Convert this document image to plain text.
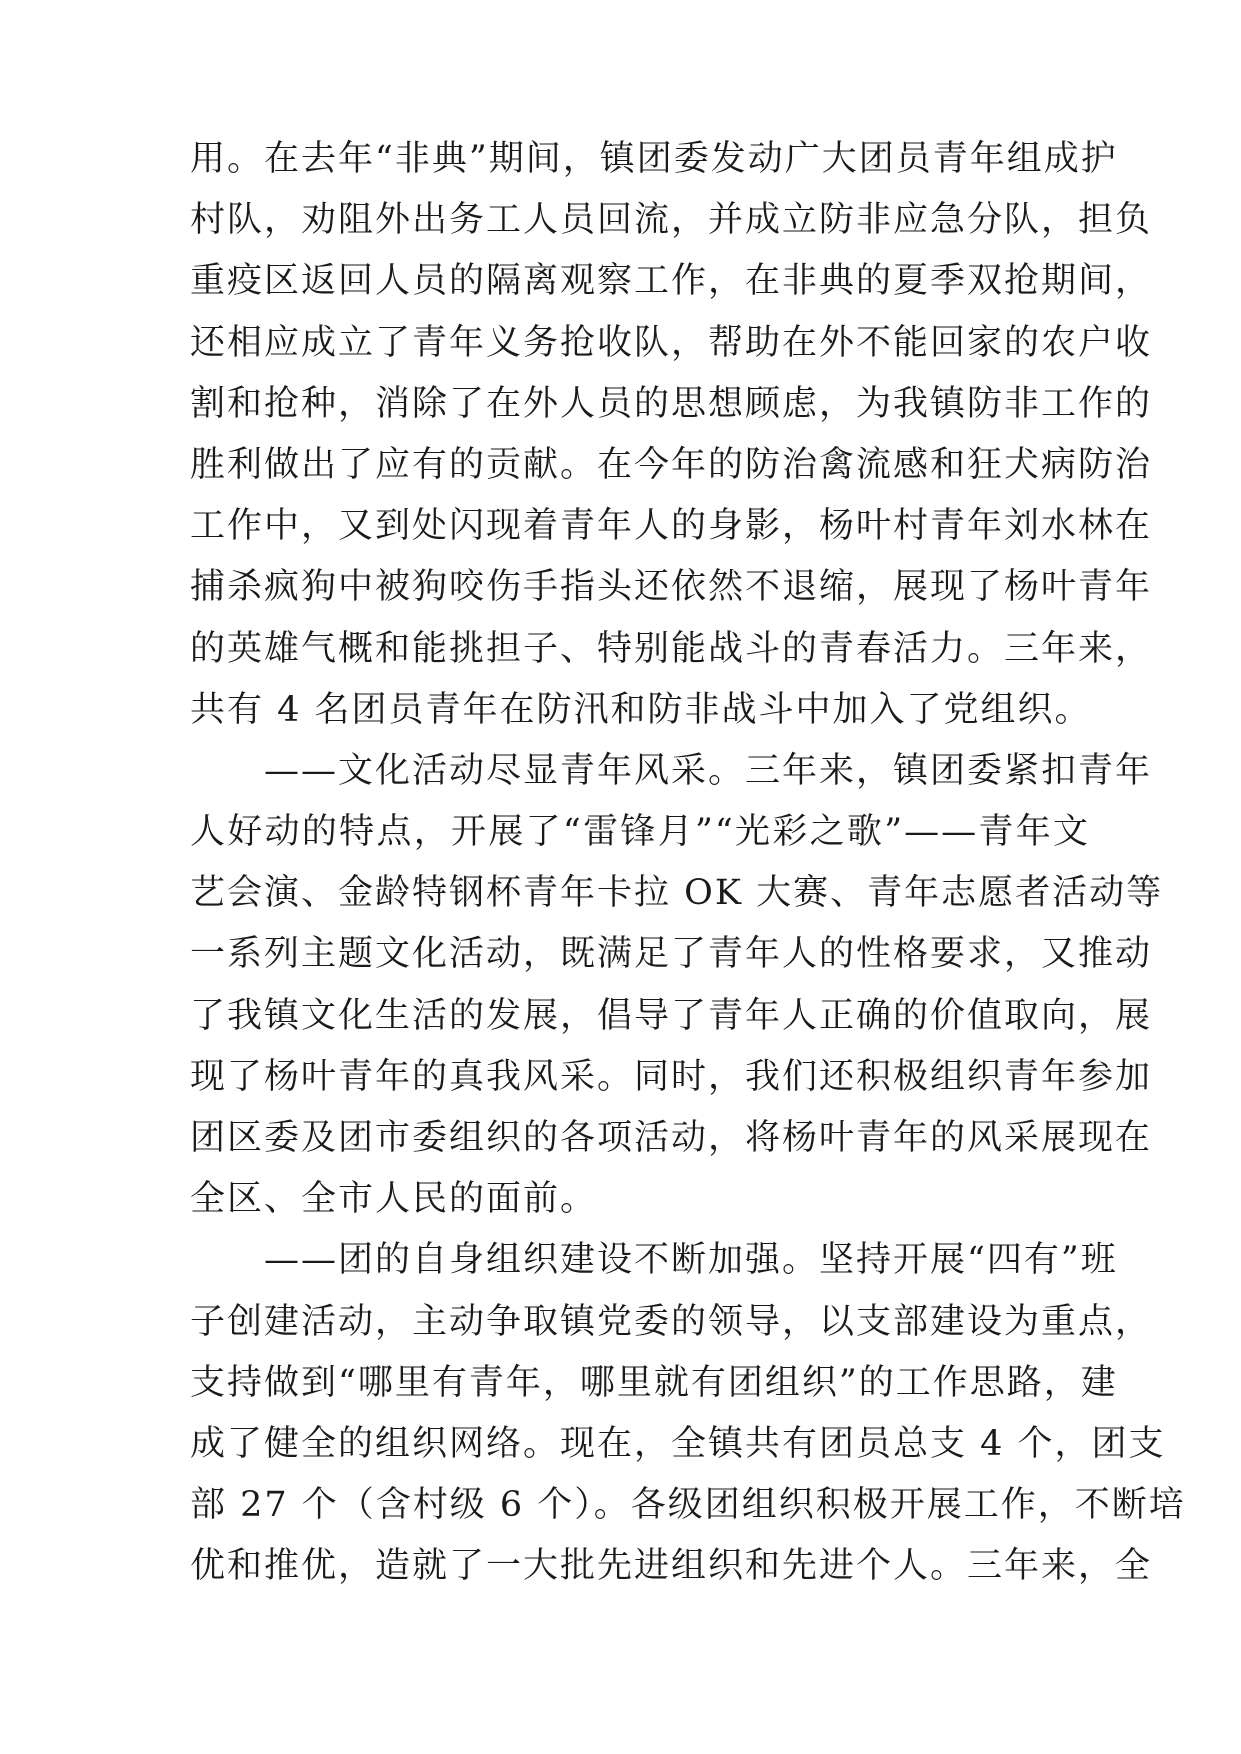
用。在去年“非典”期间，镇团委发动广大团员青年组成护
村队，劝阻外出务工人员回流，并成立防非应急分队，担负
重疫区返回人员的隔离观察工作，在非典的夏季双抢期间，
还相应成立了青年义务抢收队，帮助在外不能回家的农户收
割和抢种，消除了在外人员的思想顾虑，为我镇防非工作的
胜利做出了应有的贡献。在今年的防治禽流感和狂犬病防治
工作中，又到处闪现着青年人的身影，杨叶村青年刘水林在
捕杀疯狗中被狗咬伤手指头还依然不退缩，展现了杨叶青年
的英雄气概和能挑担子、特别能战斗的青春活力。三年来，
共有 4 名团员青年在防汛和防非战斗中加入了党组织。
　　——文化活动尽显青年风采。三年来，镇团委紧扣青年
人好动的特点，开展了“雷锋月”“光彩之歌”——青年文
艺会演、金龄特钢杯青年卡拉 OK 大赛、青年志愿者活动等
一系列主题文化活动，既满足了青年人的性格要求，又推动
了我镇文化生活的发展，倡导了青年人正确的价值取向，展
现了杨叶青年的真我风采。同时，我们还积极组织青年参加
团区委及团市委组织的各项活动，将杨叶青年的风采展现在
全区、全市人民的面前。
　　——团的自身组织建设不断加强。坚持开展“四有”班
子创建活动，主动争取镇党委的领导，以支部建设为重点，
支持做到“哪里有青年，哪里就有团组织”的工作思路，建
成了健全的组织网络。现在，全镇共有团员总支 4 个，团支
部 27 个（含村级 6 个）。各级团组织积极开展工作，不断培
优和推优，造就了一大批先进组织和先进个人。三年来，全
